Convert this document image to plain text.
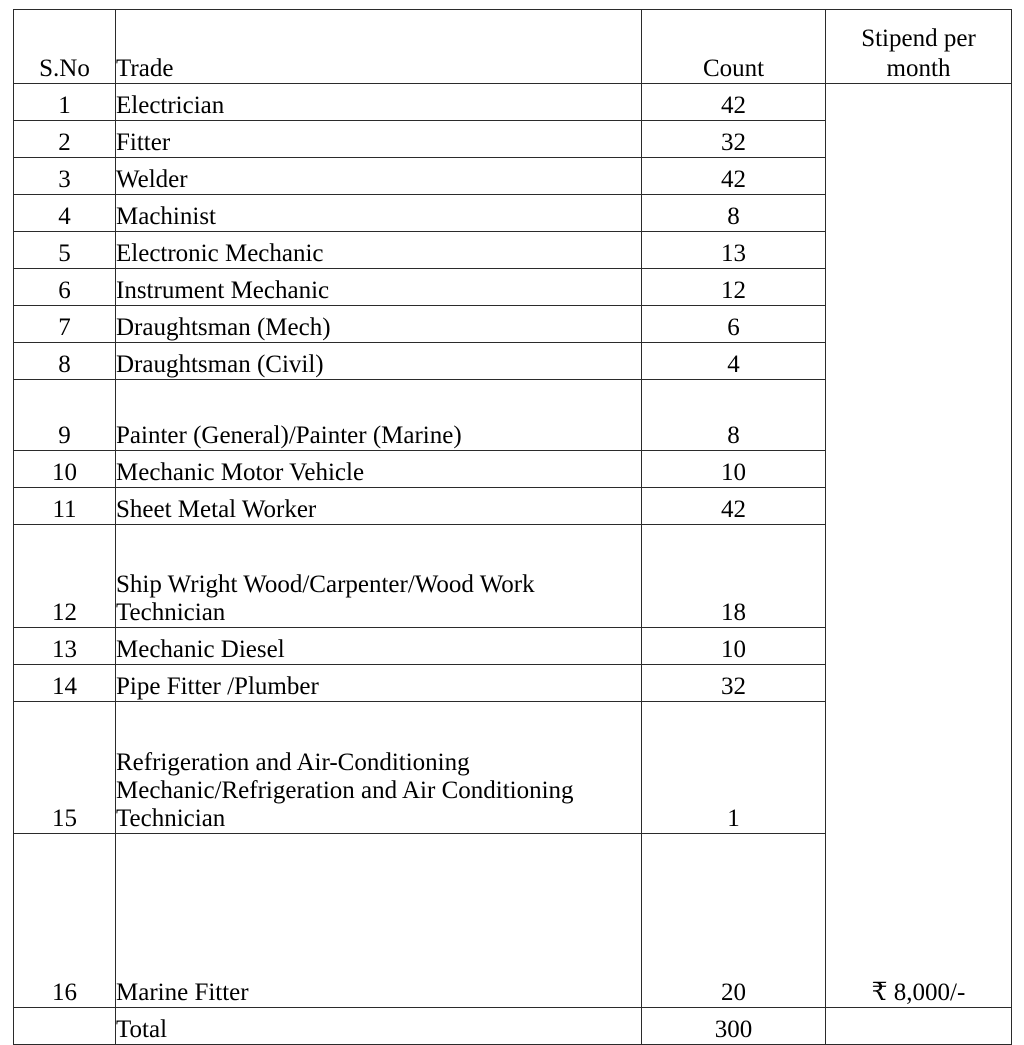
S.No	Trade	Count	Stipend per
month
1	Electrician	42	₹ 8,000/-
2	Fitter	32	
3	Welder	42	
4	Machinist	8	
5	Electronic Mechanic	13	
6	Instrument Mechanic	12	
7	Draughtsman (Mech)	6	
8	Draughtsman (Civil)	4	
9	Painter (General)/Painter (Marine)	8	
10	Mechanic Motor Vehicle	10	
11	Sheet Metal Worker	42	
12	Ship Wright Wood/Carpenter/Wood Work Technician	18	
13	Mechanic Diesel	10	
14	Pipe Fitter /Plumber	32	
15	Refrigeration and Air-Conditioning Mechanic/Refrigeration and Air Conditioning Technician	1	
16	Marine Fitter	20	
	Total	300	
